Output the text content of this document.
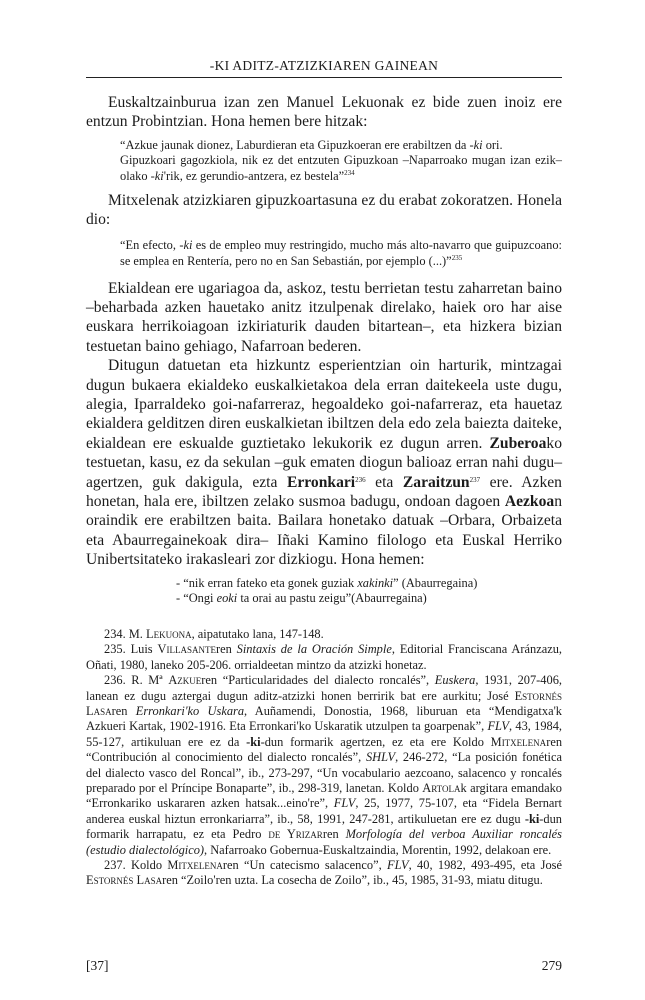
-KI ADITZ-ATZIZKIAREN GAINEAN

Euskaltzainburua izan zen Manuel Lekuonak ez bide zuen inoiz ere entzun Probintzian. Hona hemen bere hitzak:

“Azkue jaunak dionez, Laburdieran eta Gipuzkoeran ere erabiltzen da -ki ori.

Gipuzkoari gagozkiola, nik ez det entzuten Gipuzkoan –Naparroako mugan izan ezik– olako -ki'rik, ez gerundio-antzera, ez bestela”$^{234}$

Mitxelenak atzizkiaren gipuzkoartasuna ez du erabat zokoratzen. Honela dio:

“En efecto, -ki es de empleo muy restringido, mucho más alto-navarro que guipuzcoano: se emplea en Rentería, pero no en San Sebastián, por ejemplo (...)”$^{235}$

Ekialdean ere ugariagoa da, askoz, testu berrietan testu zaharretan baino –beharbada azken hauetako anitz itzulpenak direlako, haiek oro har aise euskara herrikoiagoan izkiriaturik dauden bitartean–, eta hizkera bizian testuetan baino gehiago, Nafarroan bederen.

Ditugun datuetan eta hizkuntz esperientzian oin harturik, mintzagai dugun bukaera ekialdeko euskalkietakoa dela erran daitekeela uste dugu, alegia, Iparraldeko goi-nafarreraz, hegoaldeko goi-nafarreraz, eta hauetaz ekialdera gelditzen diren euskalkietan ibiltzen dela edo zela baiezta daiteke, ekialdean ere eskualde guztietako lekukorik ez dugun arren. Zuberoako testuetan, kasu, ez da sekulan –guk ematen diogun balioaz erran nahi dugu– agertzen, guk dakigula, ezta Erronkari$^{236}$ eta Zaraitzun$^{237}$ ere. Azken honetan, hala ere, ibiltzen zelako susmoa badugu, ondoan dagoen Aezkoan oraindik ere erabiltzen baita. Bailara honetako datuak –Orbara, Orbaizeta eta Abaurregainekoak dira– Iñaki Kamino filologo eta Euskal Herriko Unibertsitateko irakasleari zor dizkiogu. Hona hemen:

- “nik erran fateko eta gonek guziak xakinki” (Abaurregaina)
- “Ongi eoki ta orai au pastu zeigu”(Abaurregaina)

234. M. Lekuona, aipatutako lana, 147-148.

235. Luis Villasanteren Sintaxis de la Oración Simple, Editorial Franciscana Aránzazu, Oñati, 1980, laneko 205-206. orrialdeetan mintzo da atzizki honetaz.

236. R. Mª Azkueren “Particularidades del dialecto roncalés”, Euskera, 1931, 207-406, lanean ez dugu aztergai dugun aditz-atzizki honen berririk bat ere aurkitu; José Estornés Lasaren Erronkari'ko Uskara, Auñamendi, Donostia, 1968, liburuan eta “Mendigatxa'k Azkueri Kartak, 1902-1916. Eta Erronkari'ko Uskaratik utzulpen ta goarpenak”, FLV, 43, 1984, 55-127, artikuluan ere ez da -ki-dun formarik agertzen, ez eta ere Koldo Mitxelenaren “Contribución al conocimiento del dialecto roncalés”, SHLV, 246-272, “La posición fonética del dialecto vasco del Roncal”, ib., 273-297, “Un vocabulario aezcoano, salacenco y roncalés preparado por el Príncipe Bonaparte”, ib., 298-319, lanetan. Koldo Artolak argitara emandako “Erronkariko uskararen azken hatsak...eino're”, FLV, 25, 1977, 75-107, eta “Fidela Bernart anderea euskal hiztun erronkariarra”, ib., 58, 1991, 247-281, artikuluetan ere ez dugu -ki-dun formarik harrapatu, ez eta Pedro de Yrizarren Morfología del verboa Auxiliar roncalés (estudio dialectológico), Nafarroako Gobernua-Euskaltzaindia, Morentin, 1992, delakoan ere.

237. Koldo Mitxelenaren “Un catecismo salacenco”, FLV, 40, 1982, 493-495, eta José Estornés Lasaren “Zoilo'ren uzta. La cosecha de Zoilo”, ib., 45, 1985, 31-93, miatu ditugu.

[37]	279
